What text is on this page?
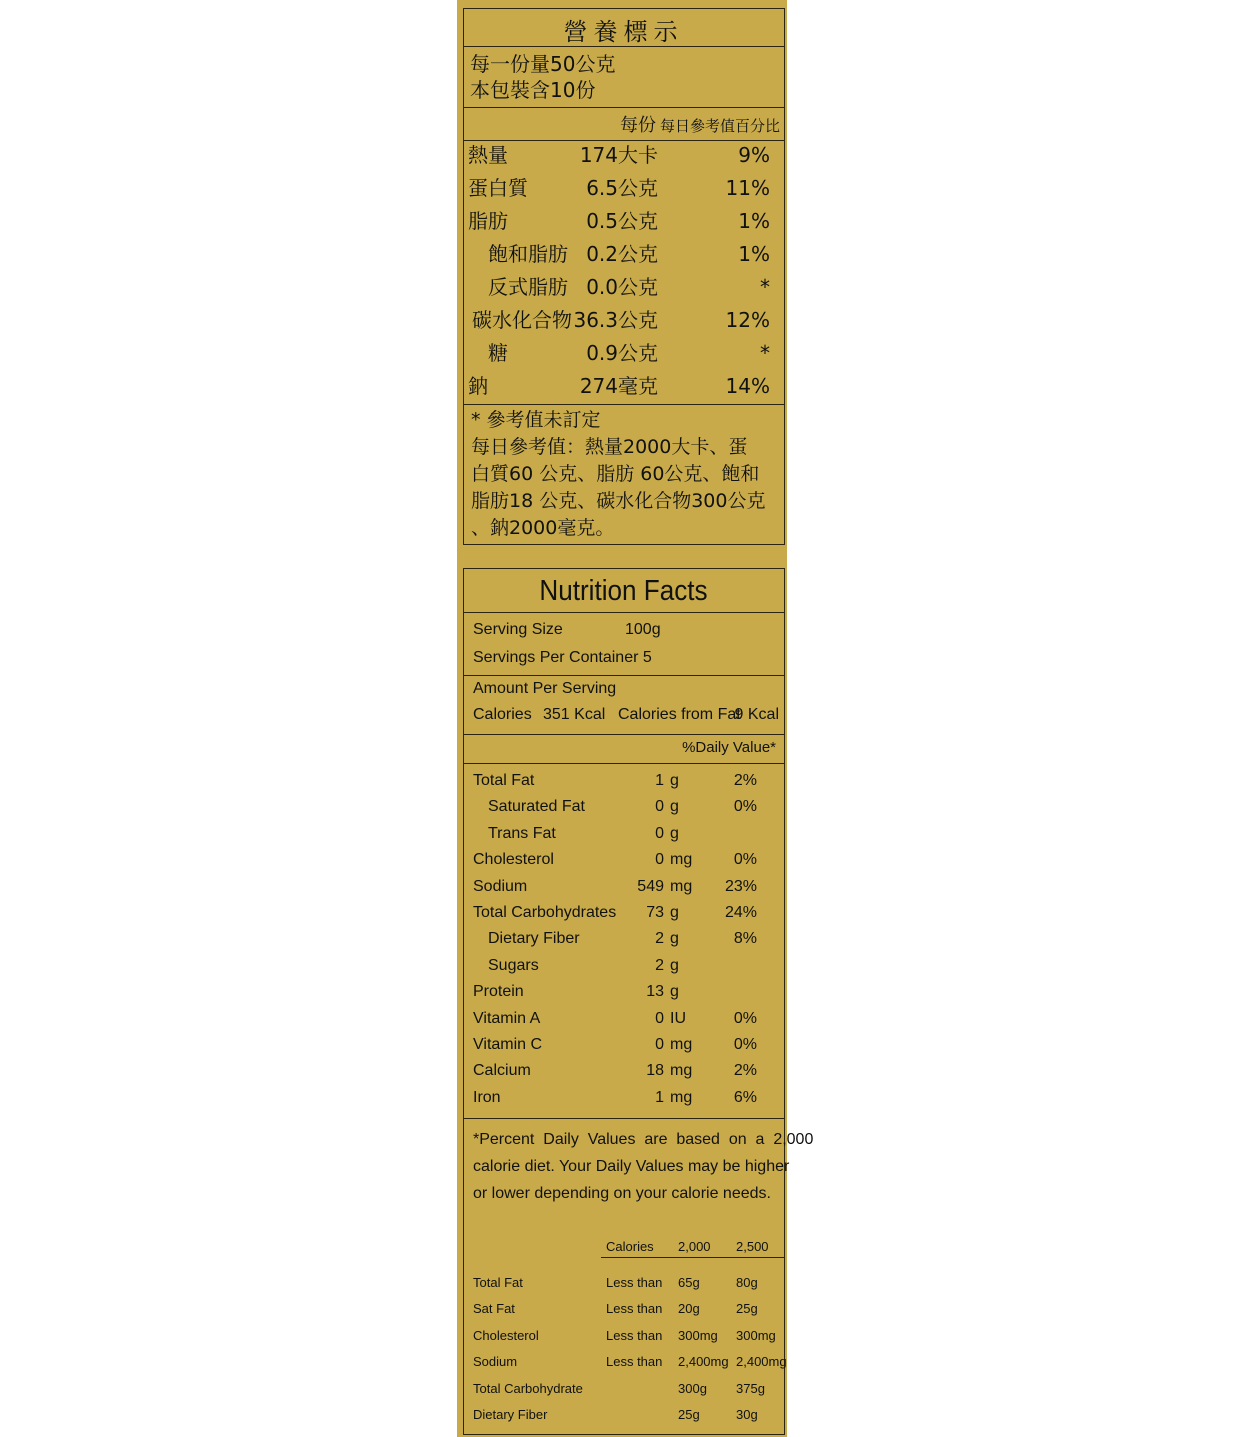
營養標示
每一份量50公克
本包裝含10份
每份 每日參考值百分比
熱量	174大卡	9%
蛋白質	6.5公克	11%
脂肪	0.5公克	1%
飽和脂肪 0.2公克	1%
反式脂肪 0.0公克	*
碳水化合物 36.3公克	12%
糖	0.9公克	*
鈉	274毫克	14%
* 參考值未訂定
每日參考值：熱量2000大卡、蛋
白質60 公克、脂肪 60公克、飽和
脂肪18 公克、碳水化合物300公克
、鈉2000毫克。
Nutrition Facts
Serving Size	100g
Servings Per Container 5
Amount Per Serving
Calories 351 Kcal Calories from Fat
9 Kcal
%Daily Value*
Total Fat	1 g	2%
Saturated Fat	0 g	0%
Trans Fat	0 g
Cholesterol	0 mg	0%
Sodium	549 mg 23%
Total Carbohydrates 73 g	24%
Dietary Fiber	2 g	8%
Sugars	2 g
Protein	13 g
Vitamin A	0 IU	0%
Vitamin C	0 mg	0%
Calcium	18 mg	2%
Iron	1 mg	6%
*Percent  Daily  Values  are  based  on  a  2,000
calorie diet. Your Daily Values may be higher
or lower depending on your calorie needs.
Calories 2,000 2,500
Total Fat	Less than 65g	80g
Sat Fat	Less than 20g	25g
Cholesterol	Less than 300mg 300mg
Sodium	Less than 2,400mg 2,400mg
Total Carbohydrate	300g 375g
Dietary Fiber	25g	30g
